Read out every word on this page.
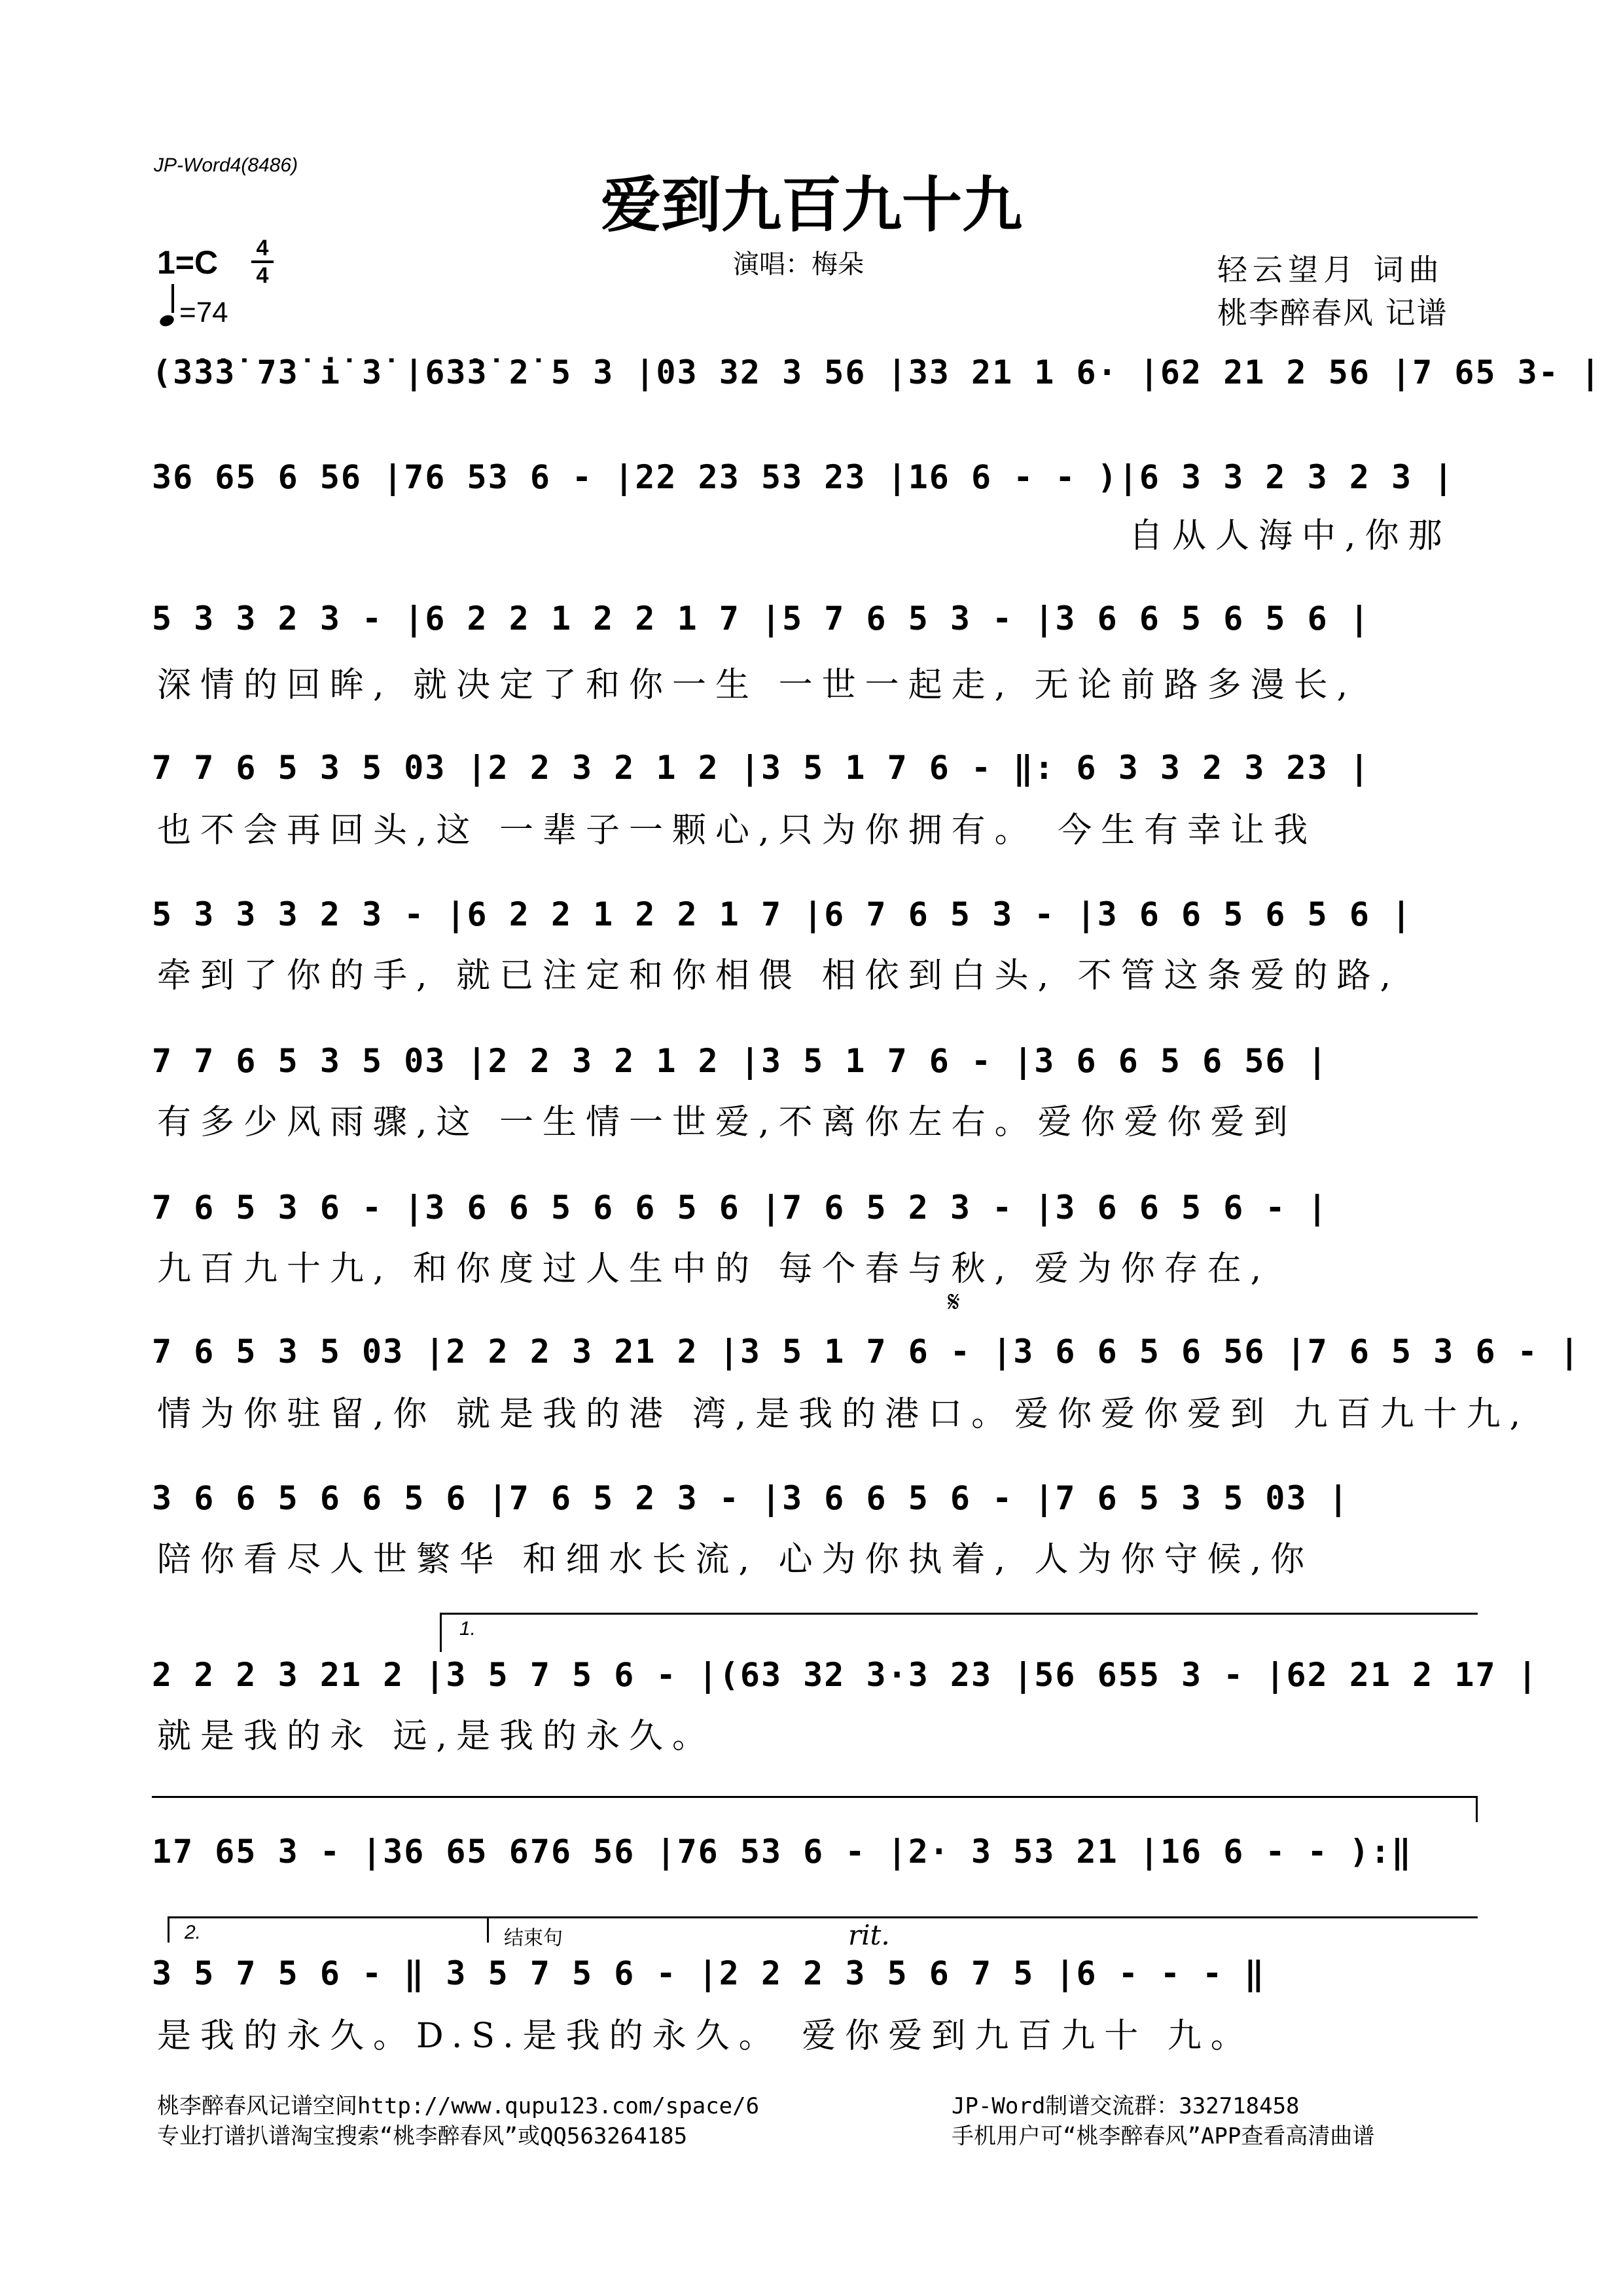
JP-Word4(8486)
爱到九百九十九
1=C 4
4
=74
演唱：梅朵	轻云望月 词曲
桃李醉春风 记谱
(3̇3̇3̇ 73̇ i̇ 3̇ |63̇3̇ 2̇ 5 3 |03 32 3 56 |33 21 1 6· |62 21 2 56 |7 65 3- |
36 65 6 56 |76 53 6 - |22 23 53 23 |16 6 - - )|6 3 3 2 3 2 3 |
自从人海中,你那
5 3 3 2 3 - |6 2 2 1 2 2 1 7 |5 7 6 5 3 - |3 6 6 5 6 5 6 |
深情的回眸, 就决定了和你一生 一世一起走, 无论前路多漫长,
7 7 6 5 3 5 03 |2 2 3 2 1 2 |3 5 1 7 6 - ‖: 6 3 3 2 3 23 |
也不会再回头,这 一辈子一颗心,只为你拥有。 今生有幸让我
5 3 3 3 2 3 - |6 2 2 1 2 2 1 7 |6 7 6 5 3 - |3 6 6 5 6 5 6 |
牵到了你的手, 就已注定和你相偎 相依到白头, 不管这条爱的路,
7 7 6 5 3 5 03 |2 2 3 2 1 2 |3 5 1 7 6 - |3 6 6 5 6 56 |
有多少风雨骤,这 一生情一世爱,不离你左右。爱你爱你爱到
7 6 5 3 6 - |3 6 6 5 6 6 5 6 |7 6 5 2 3 - |3 6 6 5 6 - |
九百九十九, 和你度过人生中的 每个春与秋, 爱为你存在,
𝄋
7 6 5 3 5 03 |2 2 2 3 21 2 |3 5 1 7 6 - |3 6 6 5 6 56 |7 6 5 3 6 - |
情为你驻留,你 就是我的港 湾,是我的港口。爱你爱你爱到 九百九十九,
3 6 6 5 6 6 5 6 |7 6 5 2 3 - |3 6 6 5 6 - |7 6 5 3 5 03 |
陪你看尽人世繁华 和细水长流, 心为你执着, 人为你守候,你
1.
2 2 2 3 21 2 |3 5 7 5 6 - |(63 32 3·3 23 |56 655 3 - |62 21 2 17 |
就是我的永 远,是我的永久。
17 65 3 - |36 65 676 56 |76 53 6 - |2· 3 53 21 |16 6 - - ):‖
2.	结束句	rit.
3 5 7 5 6 - ‖ 3 5 7 5 6 - |2 2 2 3 5 6 7 5 |6 - - - ‖
是我的永久。D.S.是我的永久。 爱你爱到九百九十 九。
桃李醉春风记谱空间http://www.qupu123.com/space/6
专业打谱扒谱淘宝搜索“桃李醉春风”或QQ563264185
JP-Word制谱交流群：332718458
手机用户可“桃李醉春风”APP查看高清曲谱
